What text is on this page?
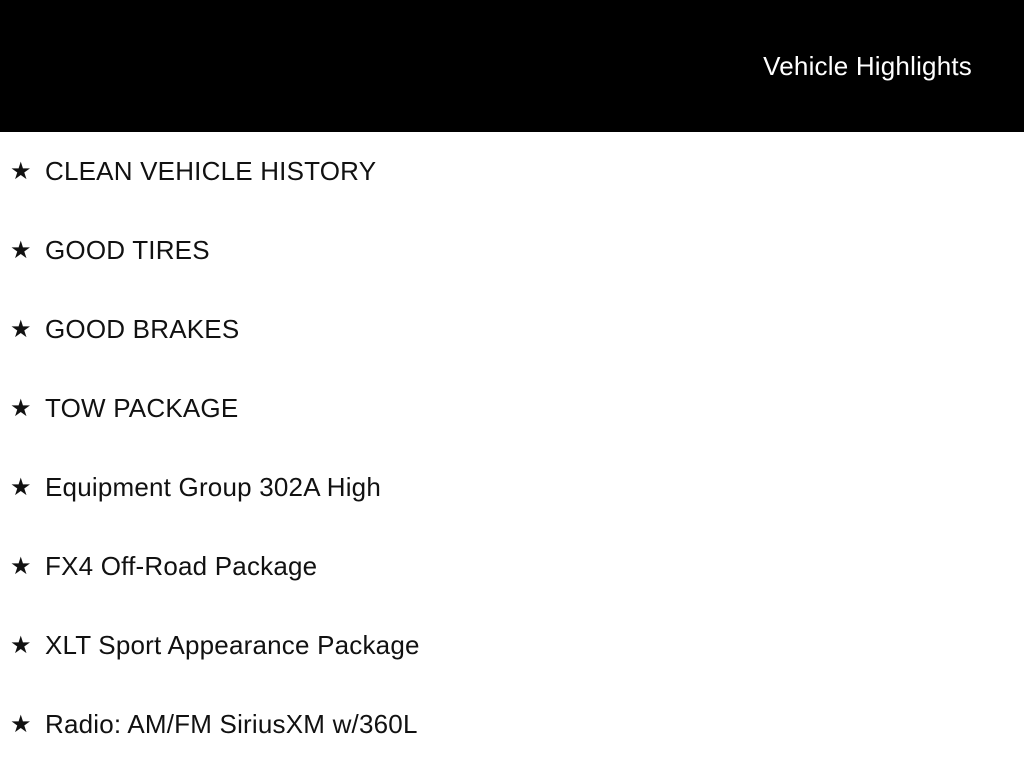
Vehicle Highlights
★ CLEAN VEHICLE HISTORY
★ GOOD TIRES
★ GOOD BRAKES
★ TOW PACKAGE
★ Equipment Group 302A High
★ FX4 Off-Road Package
★ XLT Sport Appearance Package
★ Radio: AM/FM SiriusXM w/360L
